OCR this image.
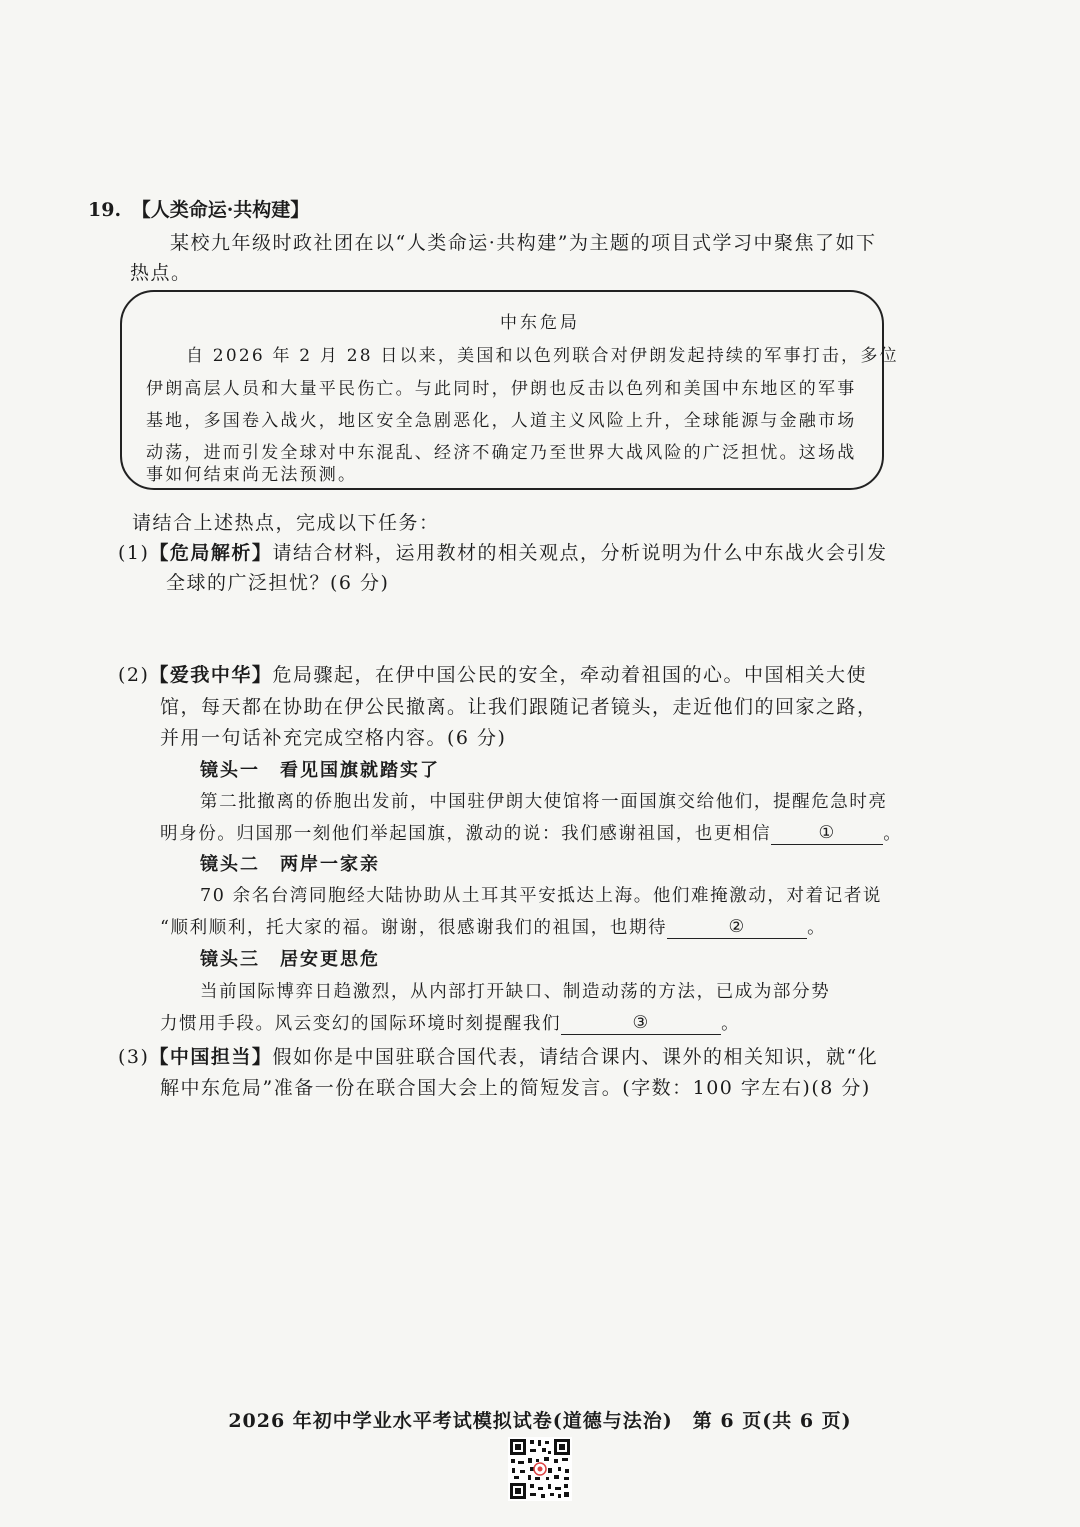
19. 【人类命运·共构建】
某校九年级时政社团在以“人类命运·共构建”为主题的项目式学习中聚焦了如下
热点。
中东危局
自 2026 年 2 月 28 日以来，美国和以色列联合对伊朗发起持续的军事打击，多位
伊朗高层人员和大量平民伤亡。与此同时，伊朗也反击以色列和美国中东地区的军事
基地，多国卷入战火，地区安全急剧恶化，人道主义风险上升，全球能源与金融市场
动荡，进而引发全球对中东混乱、经济不确定乃至世界大战风险的广泛担忧。这场战
事如何结束尚无法预测。
请结合上述热点，完成以下任务：
(1)【危局解析】请结合材料，运用教材的相关观点，分析说明为什么中东战火会引发
全球的广泛担忧？(6 分)
(2)【爱我中华】危局骤起，在伊中国公民的安全，牵动着祖国的心。中国相关大使
馆，每天都在协助在伊公民撤离。让我们跟随记者镜头，走近他们的回家之路，
并用一句话补充完成空格内容。(6 分)
镜头一　看见国旗就踏实了
第二批撤离的侨胞出发前，中国驻伊朗大使馆将一面国旗交给他们，提醒危急时亮
明身份。归国那一刻他们举起国旗，激动的说：我们感谢祖国，也更相信	①	。
镜头二　两岸一家亲
70 余名台湾同胞经大陆协助从土耳其平安抵达上海。他们难掩激动，对着记者说
“顺利顺利，托大家的福。谢谢，很感谢我们的祖国，也期待	②	。
镜头三　居安更思危
当前国际博弈日趋激烈，从内部打开缺口、制造动荡的方法，已成为部分势
力惯用手段。风云变幻的国际环境时刻提醒我们	③	。
(3)【中国担当】假如你是中国驻联合国代表，请结合课内、课外的相关知识，就“化
解中东危局”准备一份在联合国大会上的简短发言。(字数：100 字左右)(8 分)
2026 年初中学业水平考试模拟试卷(道德与法治)　第 6 页(共 6 页)
